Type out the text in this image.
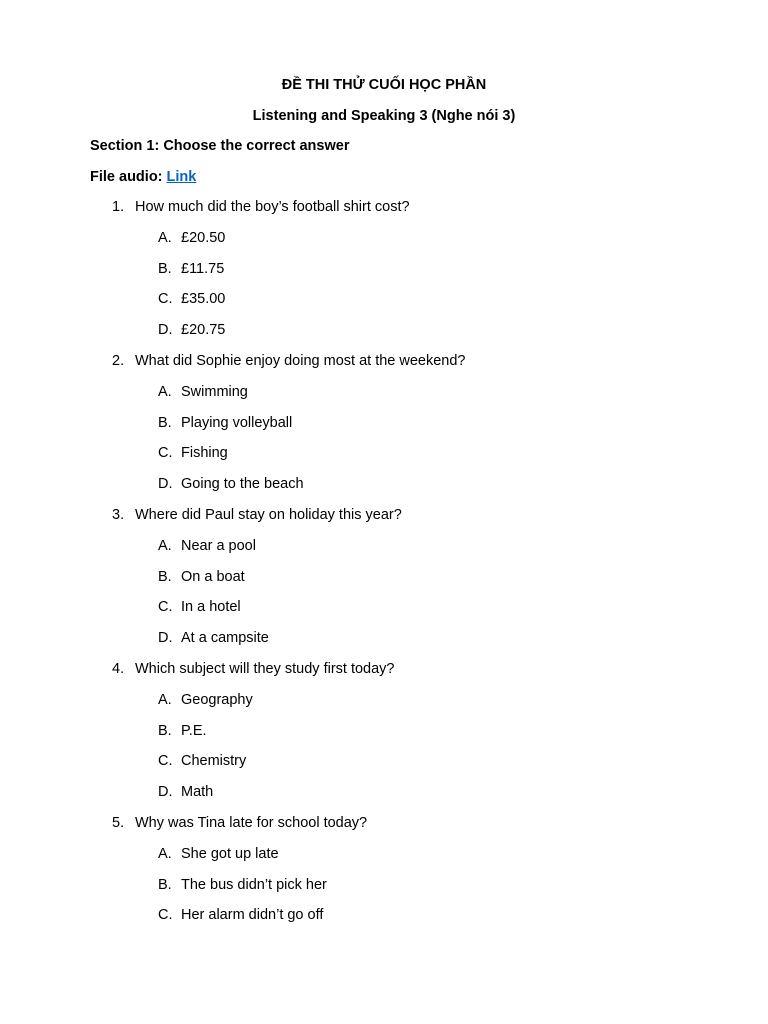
ĐỀ THI THỬ CUỐI HỌC PHẦN
Listening and Speaking 3 (Nghe nói 3)
Section 1: Choose the correct answer
File audio: Link
1. How much did the boy’s football shirt cost?
A. £20.50
B. £11.75
C. £35.00
D. £20.75
2. What did Sophie enjoy doing most at the weekend?
A. Swimming
B. Playing volleyball
C. Fishing
D. Going to the beach
3. Where did Paul stay on holiday this year?
A. Near a pool
B. On a boat
C. In a hotel
D. At a campsite
4. Which subject will they study first today?
A. Geography
B. P.E.
C. Chemistry
D. Math
5. Why was Tina late for school today?
A. She got up late
B. The bus didn’t pick her
C. Her alarm didn’t go off
